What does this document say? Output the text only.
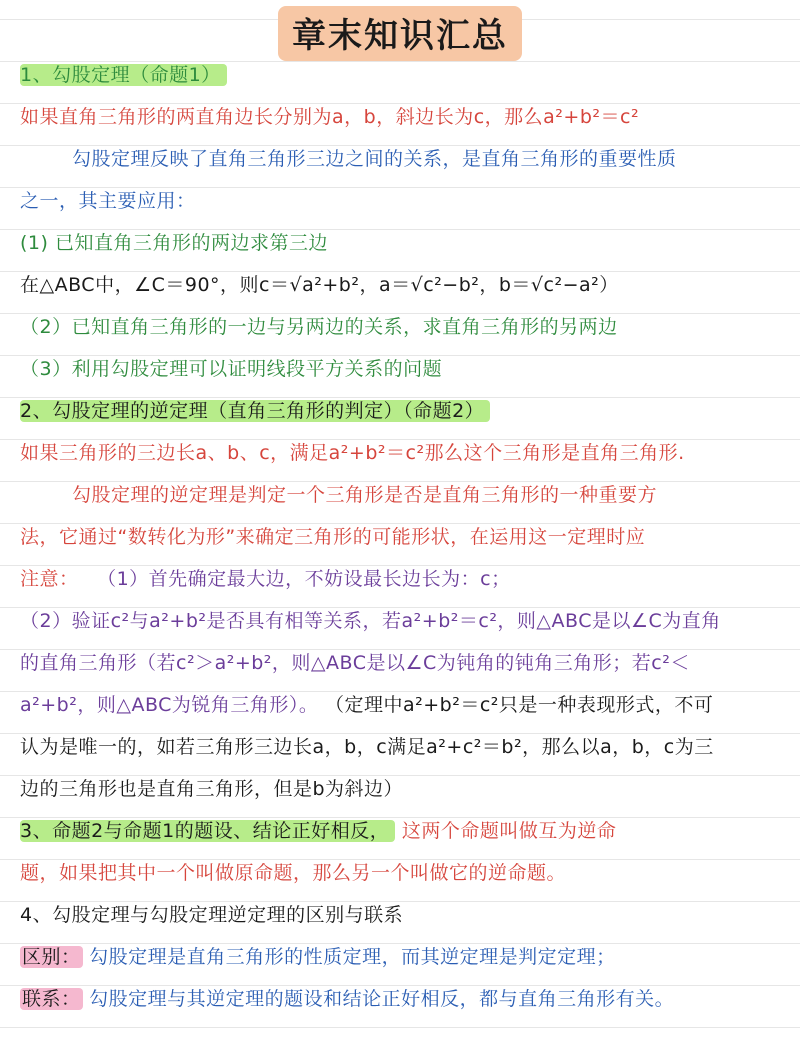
章末知识汇总
1、勾股定理（命题1）
如果直角三角形的两直角边长分别为a，b，斜边长为c，那么a²+b²＝c²
勾股定理反映了直角三角形三边之间的关系，是直角三角形的重要性质
之一，其主要应用：
(1) 已知直角三角形的两边求第三边
在△ABC中，∠C＝90°，则c＝√a²+b²，a＝√c²−b²，b＝√c²−a²）
（2）已知直角三角形的一边与另两边的关系，求直角三角形的另两边
（3）利用勾股定理可以证明线段平方关系的问题
2、勾股定理的逆定理（直角三角形的判定）（命题2）
如果三角形的三边长a、b、c，满足a²+b²＝c²那么这个三角形是直角三角形.
勾股定理的逆定理是判定一个三角形是否是直角三角形的一种重要方
法，它通过“数转化为形”来确定三角形的可能形状，在运用这一定理时应
注意： （1）首先确定最大边，不妨设最长边长为：c；
（2）验证c²与a²+b²是否具有相等关系，若a²+b²＝c²，则△ABC是以∠C为直角
的直角三角形（若c²＞a²+b²，则△ABC是以∠C为钝角的钝角三角形；若c²＜
a²+b²，则△ABC为锐角三角形）。 （定理中a²+b²＝c²只是一种表现形式，不可
认为是唯一的，如若三角形三边长a，b，c满足a²+c²＝b²，那么以a，b，c为三
边的三角形也是直角三角形，但是b为斜边）
3、命题2与命题1的题设、结论正好相反， 这两个命题叫做互为逆命
题，如果把其中一个叫做原命题，那么另一个叫做它的逆命题。
4、勾股定理与勾股定理逆定理的区别与联系
区别： 勾股定理是直角三角形的性质定理，而其逆定理是判定定理；
联系： 勾股定理与其逆定理的题设和结论正好相反，都与直角三角形有关。
